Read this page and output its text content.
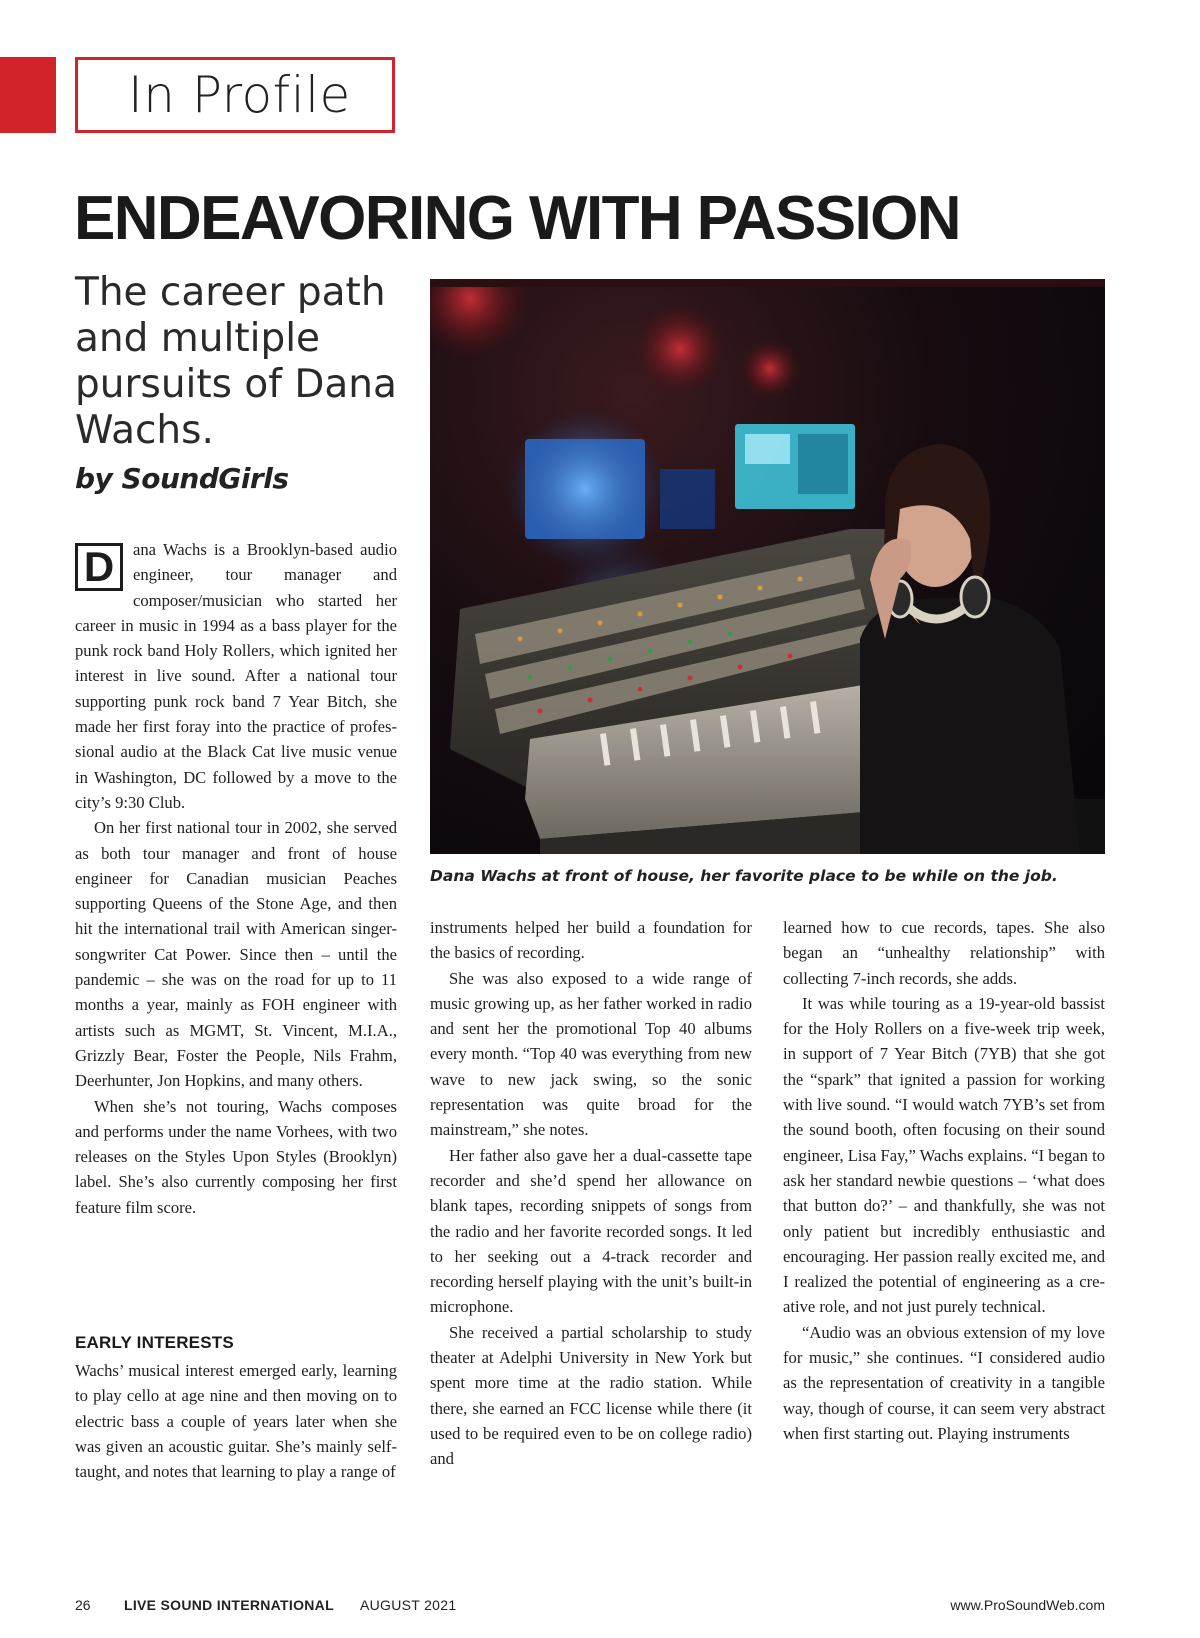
In Profile
ENDEAVORING WITH PASSION
The career path and multiple pursuits of Dana Wachs.
by SoundGirls
Dana Wachs at front of house, her favorite place to be while on the job.

D	ana Wachs is a Brooklyn-based audio engineer, tour manager and composer/musician who started her career in music in 1994 as a bass player for the punk rock band Holy Rollers, which ignited her interest in live sound. After a national tour supporting punk rock band 7 Year Bitch, she made her first foray into the practice of professional audio at the Black Cat live music venue in Washington, DC followed by a move to the city’s 9:30 Club.

On her first national tour in 2002, she served as both tour manager and front of house engineer for Canadian musician Peaches supporting Queens of the Stone Age, and then hit the international trail with American singer-songwriter Cat Power. Since then – until the pandemic – she was on the road for up to 11 months a year, mainly as FOH engineer with artists such as MGMT, St. Vincent, M.I.A., Grizzly Bear, Foster the People, Nils Frahm, Deerhunter, Jon Hopkins, and many others.

When she’s not touring, Wachs composes and performs under the name Vorhees, with two releases on the Styles Upon Styles (Brooklyn) label. She’s also currently composing her first feature film score.

EARLY INTERESTS

Wachs’ musical interest emerged early, learning to play cello at age nine and then moving on to electric bass a couple of years later when she was given an acoustic guitar. She’s mainly self-taught, and notes that learning to play a range of

instruments helped her build a foundation for the basics of recording.

She was also exposed to a wide range of music growing up, as her father worked in radio and sent her the promotional Top 40 albums every month. “Top 40 was everything from new wave to new jack swing, so the sonic representation was quite broad for the mainstream,” she notes.

Her father also gave her a dual-cassette tape recorder and she’d spend her allowance on blank tapes, recording snippets of songs from the radio and her favorite recorded songs. It led to her seeking out a 4-track recorder and recording herself playing with the unit’s built-in microphone.

She received a partial scholarship to study theater at Adelphi University in New York but spent more time at the radio station. While there, she earned an FCC license while there (it used to be required even to be on college radio) and

learned how to cue records, tapes. She also began an “unhealthy relationship” with collecting 7-inch records, she adds.

It was while touring as a 19-year-old bassist for the Holy Rollers on a five-week trip week, in support of 7 Year Bitch (7YB) that she got the “spark” that ignited a passion for working with live sound. “I would watch 7YB’s set from the sound booth, often focusing on their sound engineer, Lisa Fay,” Wachs explains. “I began to ask her standard newbie questions – ‘what does that button do?’ – and thankfully, she was not only patient but incredibly enthusiastic and encouraging. Her passion really excited me, and I realized the potential of engineering as a creative role, and not just purely technical.

“Audio was an obvious extension of my love for music,” she continues. “I considered audio as the representation of creativity in a tangible way, though of course, it can seem very abstract when first starting out. Playing instruments

26 LIVE SOUND INTERNATIONAL AUGUST 2021	www.ProSoundWeb.com
